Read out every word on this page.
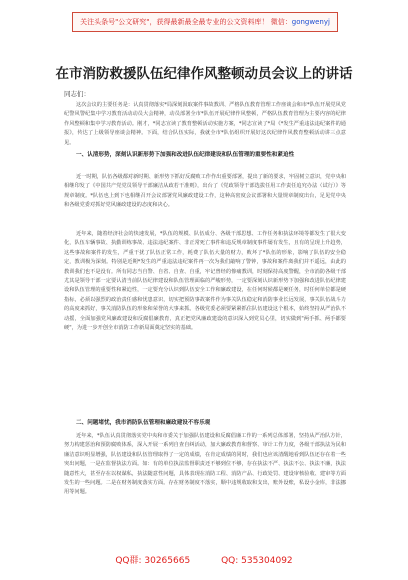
关注头条号"公文研究"，获得最新最全最专业的公文资料库！ 微信：gongwenyj
在市消防救援队伍纪律作风整顿动员会议上的讲话
同志们：

这次会议的主要任务是：认真贯彻落实*局深刻汲取案件事故教训、严格队伍教育管理工作座谈会和市*队伍开展党风党纪警风警纪集中学习教育活动动员大会精神，动员部署全市*队伍开展纪律作风整顿，严格队伍教育管理为主要内容的纪律作风整顿和集中学习教育活动。刚才，*同志宣读了教育整顿活动实施方案，*同志宣读了*局《*发生严重违法违纪案件的通报》，传达了上级领导座谈会精神。下面，结合队伍实际，我就全市*队伍组织开展好这次纪律作风教育整顿活动讲三点意见。

一、认清形势，深刻认识新形势下加强和改进队伍纪律建设和队伍管理的重要性和紧迫性

近一时期，队伍各级都对新时期、新形势下抓好反腐败工作作出重要部署，提出了新的要求，牢固树立意识，党中央和相继印发了《中国共产党党员领导干部廉洁从政若干准则》，出台了《党政领导干部选拔任用工作责任追究办法（试行）》等规章制度。*队伍也上到下也相继召开会议部署党风廉政建设工作，这种高密度会议部署和大量规章制度出台，足见党中央和各级党委对抓好党风廉政建设的态度和决心。

近年来，随着经济社会的快速发展，*队伍的规模、队伍成分、各级干部思想、工作任务和执法环境等都发生了很大变化，队伍车辆事故、执勤训练事故、违法违纪案件、非正常死亡事件和违反规章制度事件屡有发生，且有的呈现上升趋势，这些事故和案件的发生，严重干扰了队伍正常工作，耗费了队伍大量的财力，败坏了*队伍的形象，影响了队伍的安全稳定，教训极为深刻。特别是近期*发生的严重违法违纪案件再一次为我们敲响了警钟，事故和案件离我们并不遥远，由此的教训我们也不是没有。所有同志当自警、自省、自查、自重，牢记曾经的惨痛教训，时刻保持高度警醒，全市消防各级干部尤其是领导干部一定要认清当前队伍纪律建设和队伍管理面临的严峻形势，一定要深刻认识新形势下加强和改进队伍纪律建设和队伍管理的重要性和紧迫性，一定要充分认识到队伍安全工作和廉政建设，在任何时候都是硬任务，时任何单位都是硬指标，必须以强烈的政治责任感和忧患意识，切实把预防事故案件作为事关队伍稳定和消防事业长远发展，事关队伍战斗力的高度来抓好，事关消防队伍的形象和荣誉的大事来抓。各级党委必须要紧紧抓住队伍建设这个根本，始终坚持从严治队不动摇，全面加强党风廉政建设和反腐倡廉教育，真正把党风廉政建设的意识深入到党员心里，切实做到"两手抓、两手都要硬"，为进一步开创全市消防工作新局面奠定坚实的基础。

二、问题堵忧，我市消防队伍管理和廉政建设不容乐观

近年来，*队伍认真贯彻落实党中央和市委关于加强队伍建设和反腐倡廉工作的一系列总体部署，坚持从严治队方针，努力构建惩治和预防腐败体系，深入开展一系列自查自纠活动，加大廉政教育和督察、审计工作力度，各级干部执法为民和廉洁意识明显增强，队伍建设和队伍管理取得了一定的成绩，在肯定成绩的同时，我们也应该清醒地看到队伍还存在着一些突出问题，一是在监督执法方面。如：有的单位执法监督职责还不够到位不够，存在执法不严、执法不公、执法不廉，执法随意性大，甚至存在以权谋私，执法随意性问题，具体表现在消防工程、消防产品、行政处罚、建设审核验收、建审等方面发生的一些问题。二是在财务制度落实方面。存在财务制度不落实，顺中违规收取和支出，账外设账，私设小金库，非法挪用等问题。

QQ群: 30265665	QQ: 535304092
